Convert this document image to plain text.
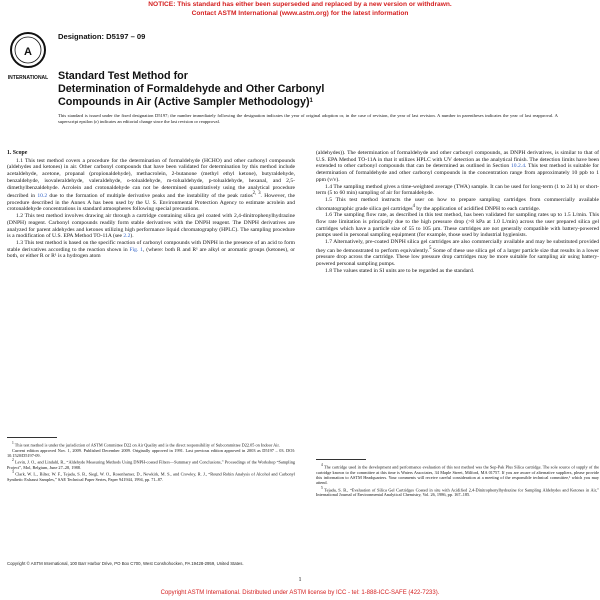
NOTICE: This standard has either been superseded and replaced by a new version or withdrawn.
Contact ASTM International (www.astm.org) for the latest information
A
INTERNATIONAL
Designation: D5197 – 09
Standard Test Method for
Determination of Formaldehyde and Other Carbonyl
Compounds in Air (Active Sampler Methodology)$^1$
This standard is issued under the fixed designation D5197; the number immediately following the designation indicates the year of original adoption or, in the case of revision, the year of last revision. A number in parentheses indicates the year of last reapproval. A superscript epsilon (ε) indicates an editorial change since the last revision or reapproval.
1. Scope

1.1 This test method covers a procedure for the determination of formaldehyde (HCHO) and other carbonyl compounds (aldehydes and ketones) in air. Other carbonyl compounds that have been validated for determination by this method include acetaldehyde, acetone, propanal (propionaldehyde), methacrolein, 2-butanone (methyl ethyl ketone), butyraldehyde, benzaldehyde, isovaleraldehyde, valeraldehyde, o-tolualdehyde, m-tolualdehyde, p-tolualdehyde, hexanal, and 2,5-dimethylbenzaldehyde. Acrolein and crotonaldehyde can not be determined quantitatively using the analytical procedure described in 10.2 due to the formation of multiple derivative peaks and the instability of the peak ratios$^{2, 3}$. However, the procedure described in the Annex A has been used by the U. S. Environmental Protection Agency to estimate acrolein and crotonaldehyde concentrations in standard atmospheres following special precautions.

1.2 This test method involves drawing air through a cartridge containing silica gel coated with 2,4-dinitrophenylhydrazine (DNPH) reagent. Carbonyl compounds readily form stable derivatives with the DNPH reagent. The DNPH derivatives are analyzed for parent aldehydes and ketones utilizing high performance liquid chromatography (HPLC). The sampling procedure is a modification of U.S. EPA Method TO-11A (see 2.2).

1.3 This test method is based on the specific reaction of carbonyl compounds with DNPH in the presence of an acid to form stable derivatives according to the reaction shown in Fig. 1, (where: both R and R¹ are alkyl or aromatic groups (ketones), or both, or either R or R¹ is a hydrogen atom

(aldehydes)). The determination of formaldehyde and other carbonyl compounds, as DNPH derivatives, is similar to that of U.S. EPA Method TO-11A in that it utilizes HPLC with UV detection as the analytical finish. The detection limits have been extended to other carbonyl compounds that can be determined as outlined in Section 10.2.4. This test method is suitable for determination of formaldehyde and other carbonyl compounds in the concentration range from approximately 10 ppb to 1 ppm (v/v).

1.4 The sampling method gives a time-weighted average (TWA) sample. It can be used for long-term (1 to 24 h) or short-term (5 to 60 min) sampling of air for formaldehyde.

1.5 This test method instructs the user on how to prepare sampling cartridges from commercially available chromatographic grade silica gel cartridges$^4$ by the application of acidified DNPH to each cartridge.

1.6 The sampling flow rate, as described in this test method, has been validated for sampling rates up to 1.5 L/min. This flow rate limitation is principally due to the high pressure drop (>8 kPa at 1.0 L/min) across the user prepared silica gel cartridges which have a particle size of 55 to 105 µm. These cartridges are not generally compatible with battery-powered pumps used in personal sampling equipment (for example, those used by industrial hygienists.

1.7 Alternatively, pre-coated DNPH silica gel cartridges are also commercially available and may be substituted provided they can be demonstrated to perform equivalently.$^5$ Some of these use silica gel of a larger particle size that results in a lower pressure drop across the cartridge. These low pressure drop cartridges may be more suitable for sampling air using battery-powered personal sampling pumps.

1.8 The values stated in SI units are to be regarded as the standard.

$^1$ This test method is under the jurisdiction of ASTM Committee D22 on Air Quality and is the direct responsibility of Subcommittee D22.05 on Indoor Air.

Current edition approved Nov. 1, 2009. Published December 2009. Originally approved in 1991. Last previous edition approved in 2003 as D5197 – 03. DOI: 10.1520/D5197-09.

$^2$ Levin, J. O., and Lindahl, R., “Aldehyde Measuring Methods Using DNPH-coated Filters—Summary and Conclusions,” Proceedings of the Workshop “Sampling Project”, Mol, Belgium, June 27–28, 1988.

$^3$ Clark, W. L., Bilter, W. F., Tejada, S. B., Siegl, W. O., Rosenhamer, D., Newkirk, M. S., and Crowley, R. J., “Round Robin Analysis of Alcohol and Carbonyl Synthetic Exhaust Samples,” SAE Technical Paper Series, Paper 941944, 1994, pp. 71–87.

$^4$ The cartridge used in the development and performance evaluation of this test method was the Sep-Pak Plus Silica cartridge. The sole source of supply of the cartridge known to the committee at this time is Waters Associates, 34 Maple Street, Milford, MA 01757. If you are aware of alternative suppliers, please provide this information to ASTM Headquarters. Your comments will receive careful consideration at a meeting of the responsible technical committee,¹ which you may attend.

$^5$ Tejada, S. B., “Evaluation of Silica Gel Cartridges Coated in situ with Acidified 2,4-Dinitrophenylhydrazine for Sampling Aldehydes and Ketones in Air,” International Journal of Environmental Analytical Chemistry, Vol. 26, 1986, pp. 167–185.

Copyright © ASTM International, 100 Barr Harbor Drive, PO Box C700, West Conshohocken, PA 19428-2959, United States.
1
Copyright ASTM International. Distributed under ASTM license by ICC - tel: 1-888-ICC-SAFE (422-7233).
